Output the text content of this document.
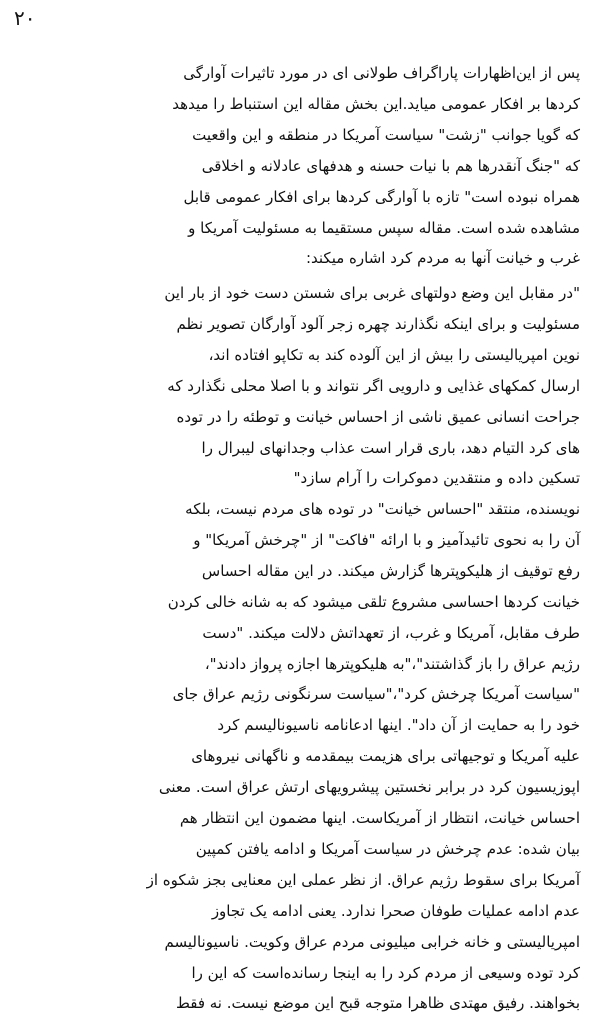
۲۰
پس از این‌اظهارات پاراگراف طولانی ای در مورد تاثیرات آوارگی
کردها بر افکار عمومی میاید.این بخش مقاله این استنباط را میدهد
که گویا جوانب "زشت" سیاست آمریکا در منطقه و این واقعیت
که "جنگ آنقدرها هم با نیات حسنه و هدفهای عادلانه و اخلاقی
همراه نبوده است" تازه با آوارگی کردها برای افکار عمومی قابل
مشاهده شده است. مقاله سپس مستقیما به مسئولیت آمریکا و
غرب و خیانت آنها به مردم کرد اشاره میکند:
"در مقابل این وضع دولتهای غربی برای شستن دست خود از بار این
مسئولیت و برای اینکه نگذارند چهره زجر آلود آوارگان تصویر نظم
نوین امپریالیستی را بیش از این آلوده کند به تکاپو افتاده اند،
ارسال کمکهای غذایی و دارویی اگر نتواند و با اصلا محلی نگذارد که
جراحت انسانی عمیق ناشی از احساس خیانت و توطئه را در توده
های کرد التیام دهد، باری قرار است عذاب وجدانهای لیبرال را
تسکین داده و منتقدین دموکرات را آرام سازد"
نویسنده، منتقد "احساس خیانت" در توده های مردم نیست، بلکه
آن را به نحوی تائیدآمیز و با ارائه "فاکت" از "چرخش آمریکا" و
رفع توقیف از هلیکوپترها گزارش میکند. در این مقاله احساس
خیانت کردها احساسی مشروع تلقی میشود که به شانه خالی کردن
طرف مقابل، آمریکا و غرب، از تعهداتش دلالت میکند. "دست
رژیم عراق را باز گذاشتند"،"به هلیکوپترها اجازه پرواز دادند"،
"سیاست آمریکا چرخش کرد"،"سیاست سرنگونی رژیم عراق جای
خود را به حمایت از آن داد". اینها ادعانامه ناسیونالیسم کرد
علیه آمریکا و توجیهاتی برای هزیمت بیمقدمه و ناگهانی نیروهای
اپوزیسیون کرد در برابر نخستین پیشرویهای ارتش عراق است. معنی
احساس خیانت، انتظار از آمریکاست. اینها مضمون این انتظار هم
بیان شده: عدم چرخش در سیاست آمریکا و ادامه یافتن کمپین
آمریکا برای سقوط رژیم عراق. از نظر عملی این معنایی بجز شکوه از
عدم ادامه عملیات طوفان صحرا ندارد. یعنی ادامه یک تجاوز
امپریالیستی و خانه خرابی میلیونی مردم عراق وکویت. ناسیونالیسم
کرد توده وسیعی از مردم کرد را به اینجا رسانده‌است که این را
بخواهند. رفیق مهتدی ظاهرا متوجه قبح این موضع نیست. نه فقط
